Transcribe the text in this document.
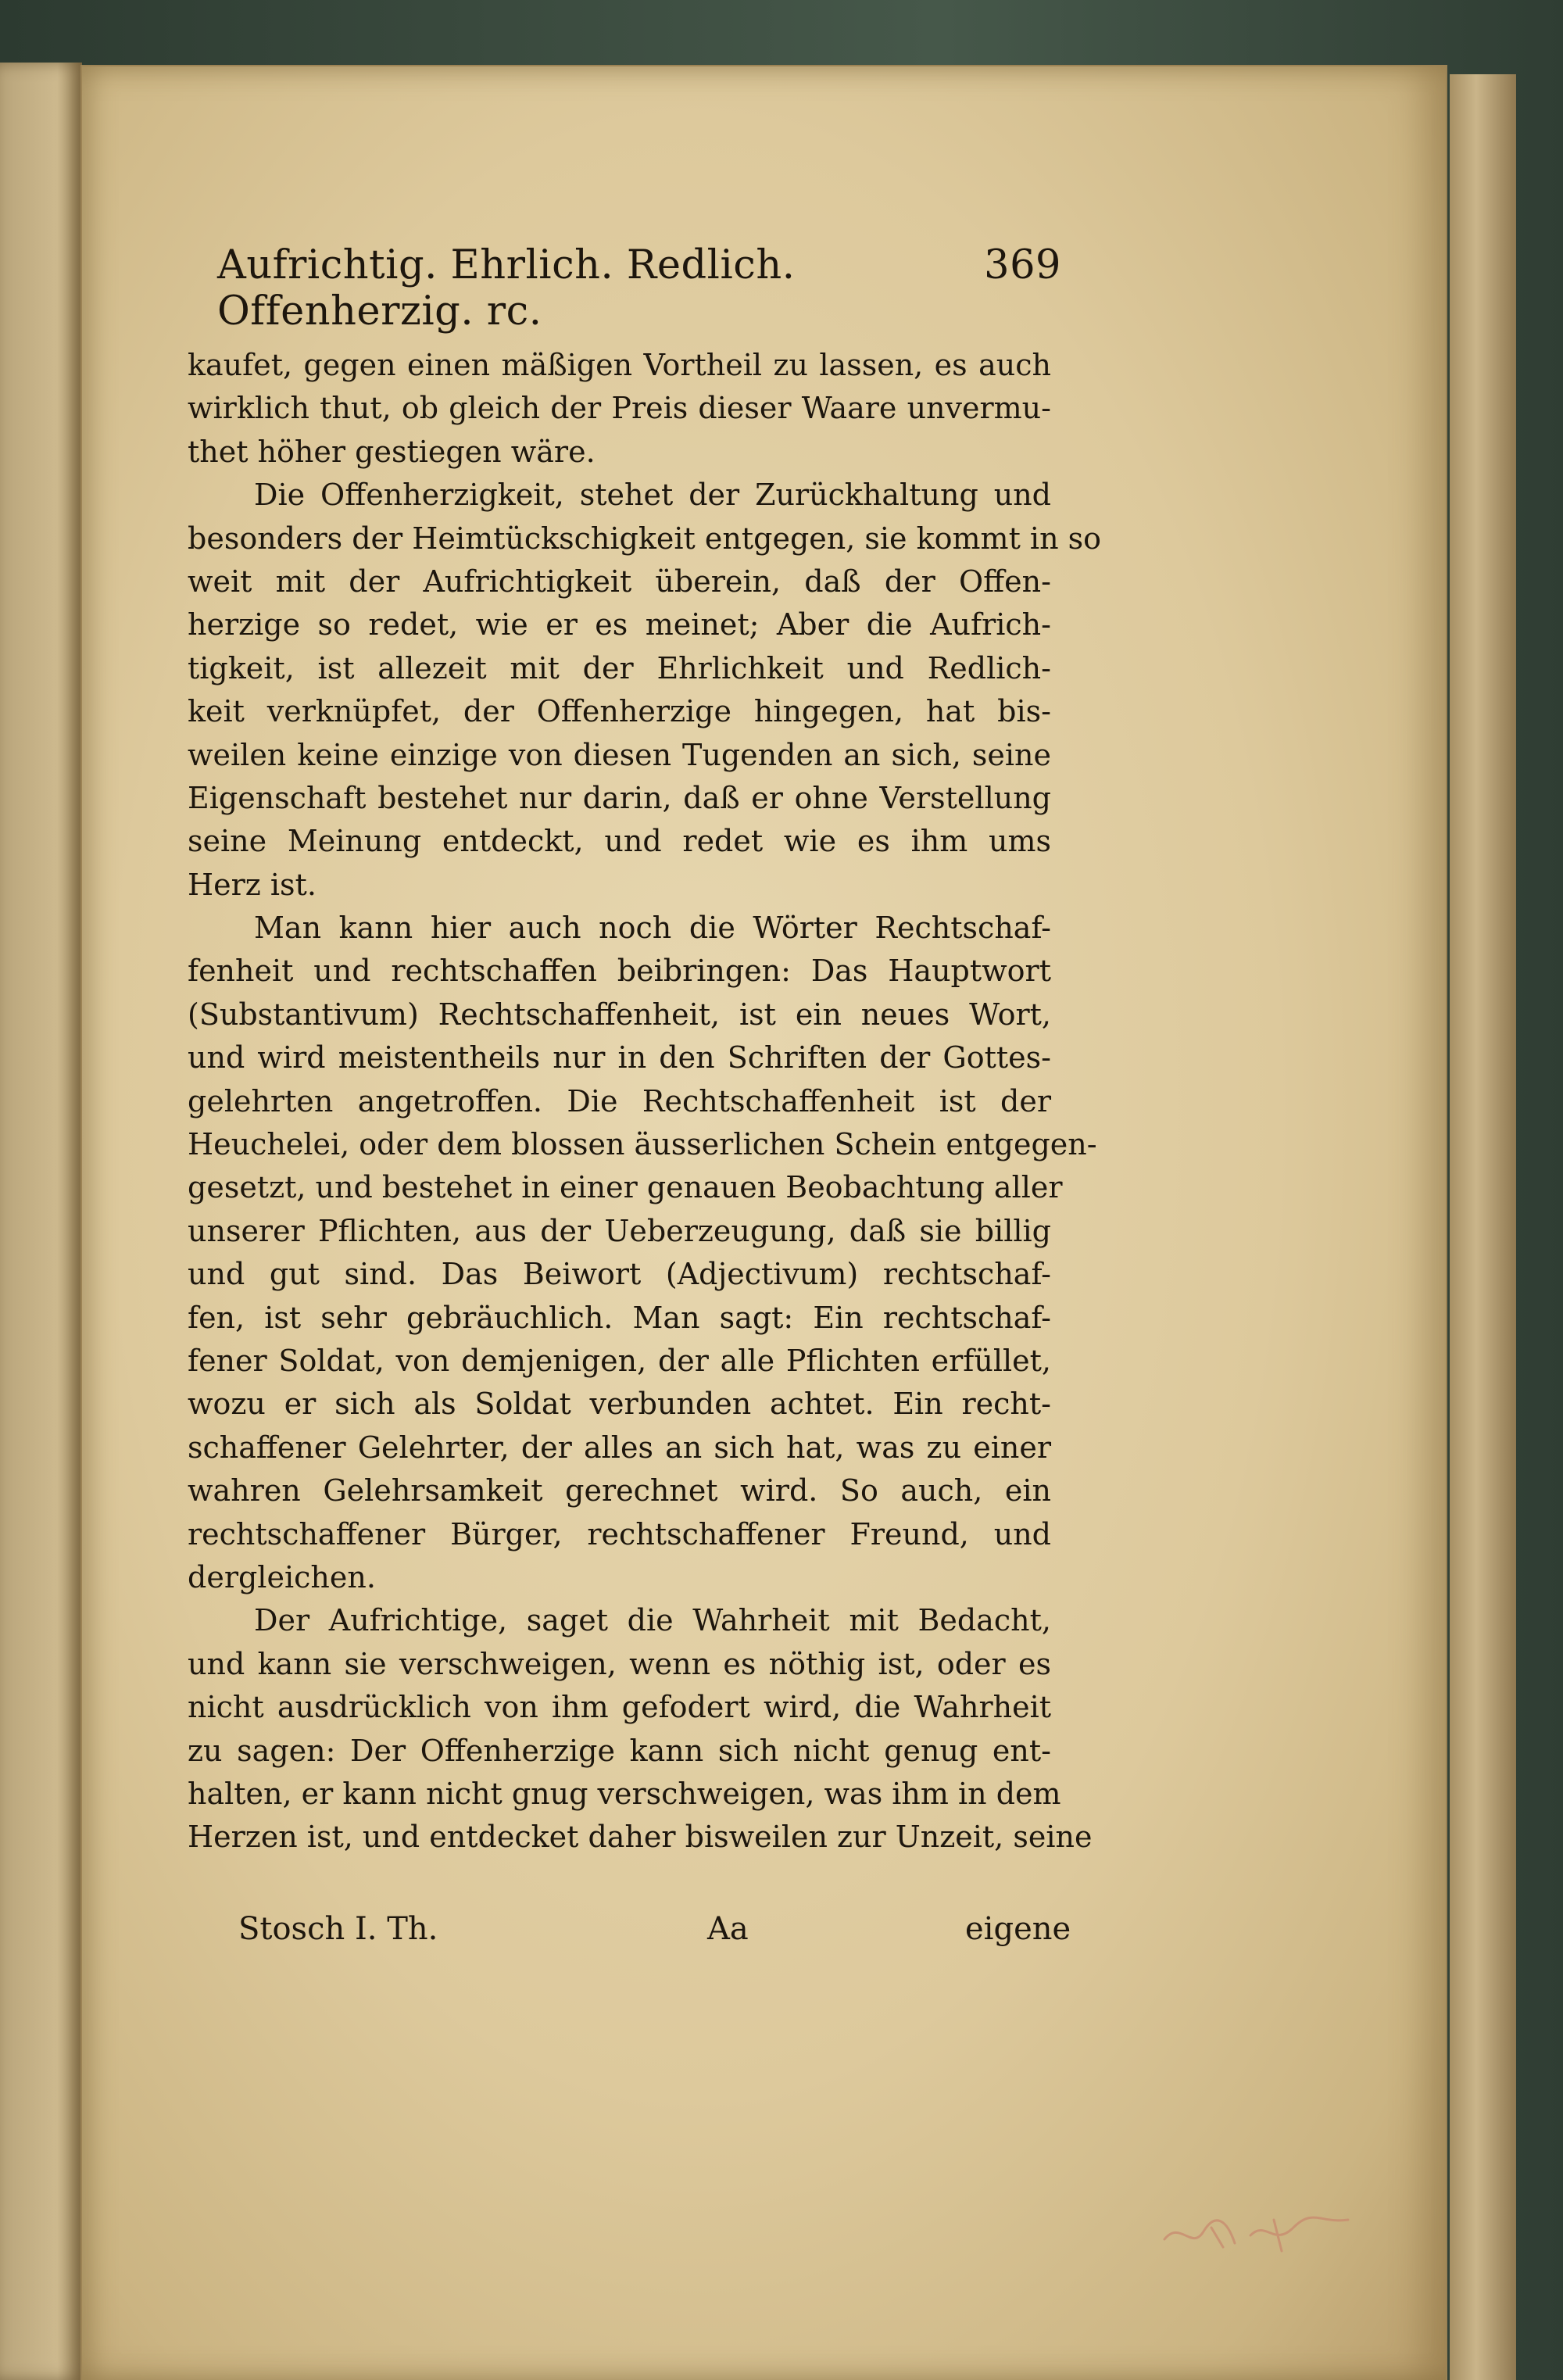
Aufrichtig. Ehrlich. Redlich. Offenherzig. rc.
369
kaufet, gegen einen mäßigen Vortheil zu lassen, es auch
wirklich thut, ob gleich der Preis dieser Waare unvermu-
thet höher gestiegen wäre.
Die Offenherzigkeit, stehet der Zurückhaltung und
besonders der Heimtückschigkeit entgegen, sie kommt in so
weit mit der Aufrichtigkeit überein, daß der Offen-
herzige so redet, wie er es meinet; Aber die Aufrich-
tigkeit, ist allezeit mit der Ehrlichkeit und Redlich-
keit verknüpfet, der Offenherzige hingegen, hat bis-
weilen keine einzige von diesen Tugenden an sich, seine
Eigenschaft bestehet nur darin, daß er ohne Verstellung
seine Meinung entdeckt, und redet wie es ihm ums
Herz ist.
Man kann hier auch noch die Wörter Rechtschaf-
fenheit und rechtschaffen beibringen: Das Hauptwort
(Substantivum) Rechtschaffenheit, ist ein neues Wort,
und wird meistentheils nur in den Schriften der Gottes-
gelehrten angetroffen. Die Rechtschaffenheit ist der
Heuchelei, oder dem blossen äusserlichen Schein entgegen-
gesetzt, und bestehet in einer genauen Beobachtung aller
unserer Pflichten, aus der Ueberzeugung, daß sie billig
und gut sind. Das Beiwort (Adjectivum) rechtschaf-
fen, ist sehr gebräuchlich. Man sagt: Ein rechtschaf-
fener Soldat, von demjenigen, der alle Pflichten erfüllet,
wozu er sich als Soldat verbunden achtet. Ein recht-
schaffener Gelehrter, der alles an sich hat, was zu einer
wahren Gelehrsamkeit gerechnet wird. So auch, ein
rechtschaffener Bürger, rechtschaffener Freund, und
dergleichen.
Der Aufrichtige, saget die Wahrheit mit Bedacht,
und kann sie verschweigen, wenn es nöthig ist, oder es
nicht ausdrücklich von ihm gefodert wird, die Wahrheit
zu sagen: Der Offenherzige kann sich nicht genug ent-
halten, er kann nicht gnug verschweigen, was ihm in dem
Herzen ist, und entdecket daher bisweilen zur Unzeit, seine
Stosch I. Th.	Aa	eigene
